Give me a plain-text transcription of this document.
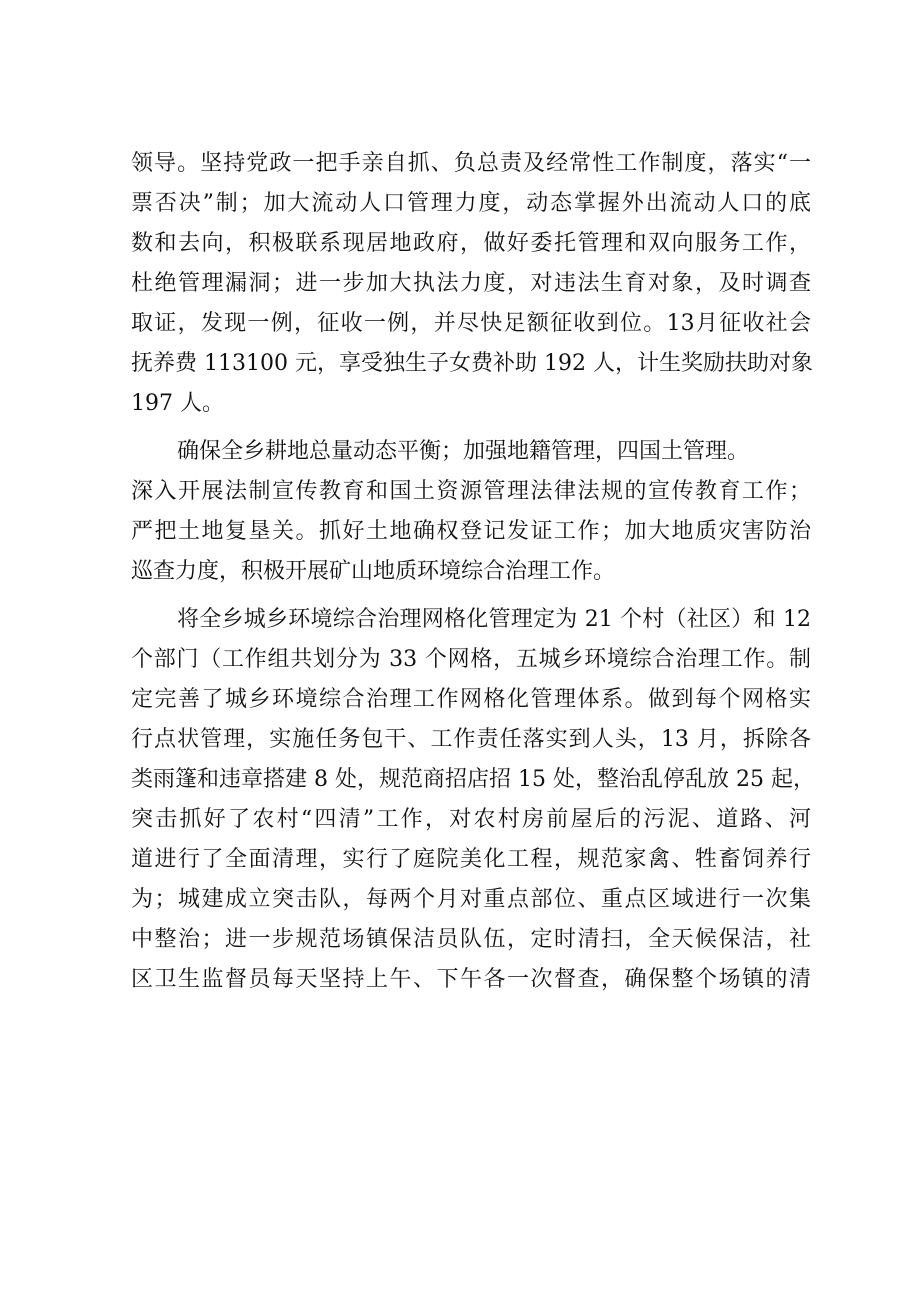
领导。坚持党政一把手亲自抓、负总责及经常性工作制度，落实“一
票否决”制；加大流动人口管理力度，动态掌握外出流动人口的底
数和去向，积极联系现居地政府，做好委托管理和双向服务工作，
杜绝管理漏洞；进一步加大执法力度，对违法生育对象，及时调查
取证，发现一例，征收一例，并尽快足额征收到位。13月征收社会
抚养费 113100 元，享受独生子女费补助 192 人，计生奖励扶助对象
197 人。
确保全乡耕地总量动态平衡；加强地籍管理，四国土管理。
深入开展法制宣传教育和国土资源管理法律法规的宣传教育工作；
严把土地复垦关。抓好土地确权登记发证工作；加大地质灾害防治
巡查力度，积极开展矿山地质环境综合治理工作。
将全乡城乡环境综合治理网格化管理定为 21 个村（社区）和 12
个部门（工作组共划分为 33 个网格，五城乡环境综合治理工作。制
定完善了城乡环境综合治理工作网格化管理体系。做到每个网格实
行点状管理，实施任务包干、工作责任落实到人头，13 月，拆除各
类雨篷和违章搭建 8 处，规范商招店招 15 处，整治乱停乱放 25 起，
突击抓好了农村“四清”工作，对农村房前屋后的污泥、道路、河
道进行了全面清理，实行了庭院美化工程，规范家禽、牲畜饲养行
为；城建成立突击队，每两个月对重点部位、重点区域进行一次集
中整治；进一步规范场镇保洁员队伍，定时清扫，全天候保洁，社
区卫生监督员每天坚持上午、下午各一次督查，确保整个场镇的清
